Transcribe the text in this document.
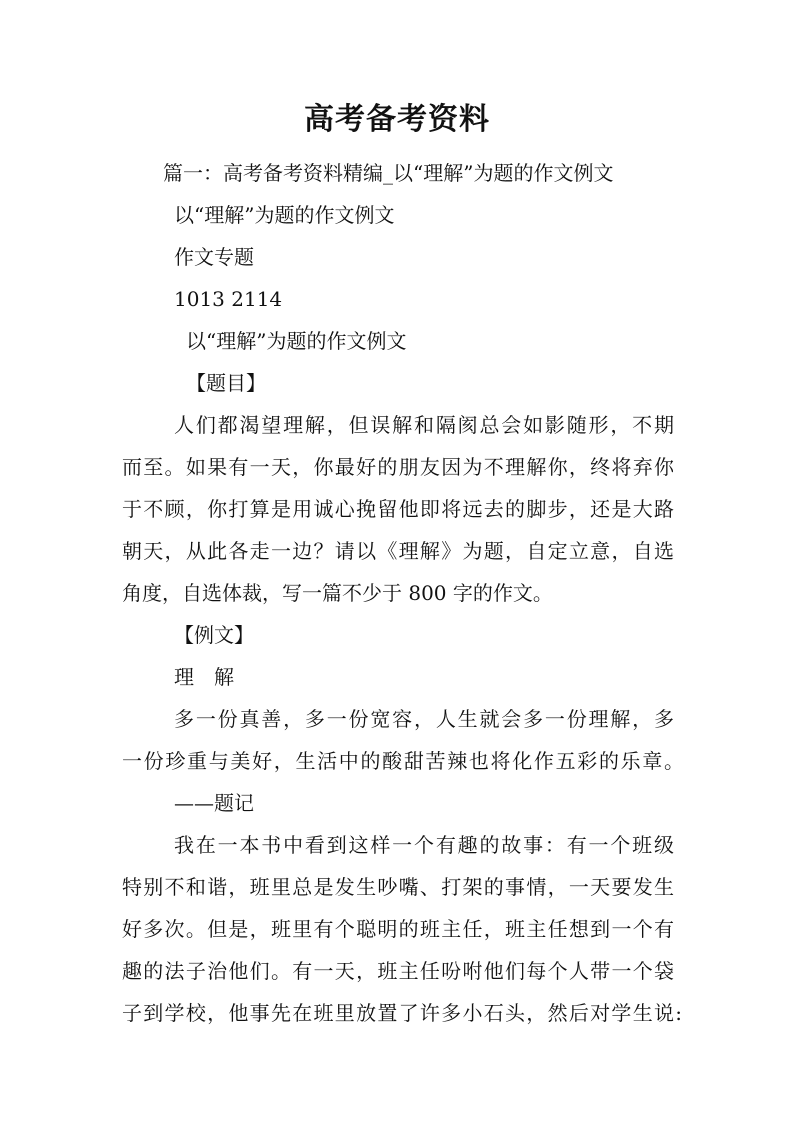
高考备考资料
篇一：高考备考资料精编_以“理解”为题的作文例文
以“理解”为题的作文例文
作文专题
1013 2114
以“理解”为题的作文例文
【题目】
人们都渴望理解，但误解和隔阂总会如影随形，不期
而至。如果有一天，你最好的朋友因为不理解你，终将弃你
于不顾，你打算是用诚心挽留他即将远去的脚步，还是大路
朝天，从此各走一边？请以《理解》为题，自定立意，自选
角度，自选体裁，写一篇不少于 800 字的作文。
【例文】
理　解
多一份真善，多一份宽容，人生就会多一份理解，多
一份珍重与美好，生活中的酸甜苦辣也将化作五彩的乐章。
——题记
我在一本书中看到这样一个有趣的故事：有一个班级
特别不和谐，班里总是发生吵嘴、打架的事情，一天要发生
好多次。但是，班里有个聪明的班主任，班主任想到一个有
趣的法子治他们。有一天，班主任吩咐他们每个人带一个袋
子到学校，他事先在班里放置了许多小石头，然后对学生说:
